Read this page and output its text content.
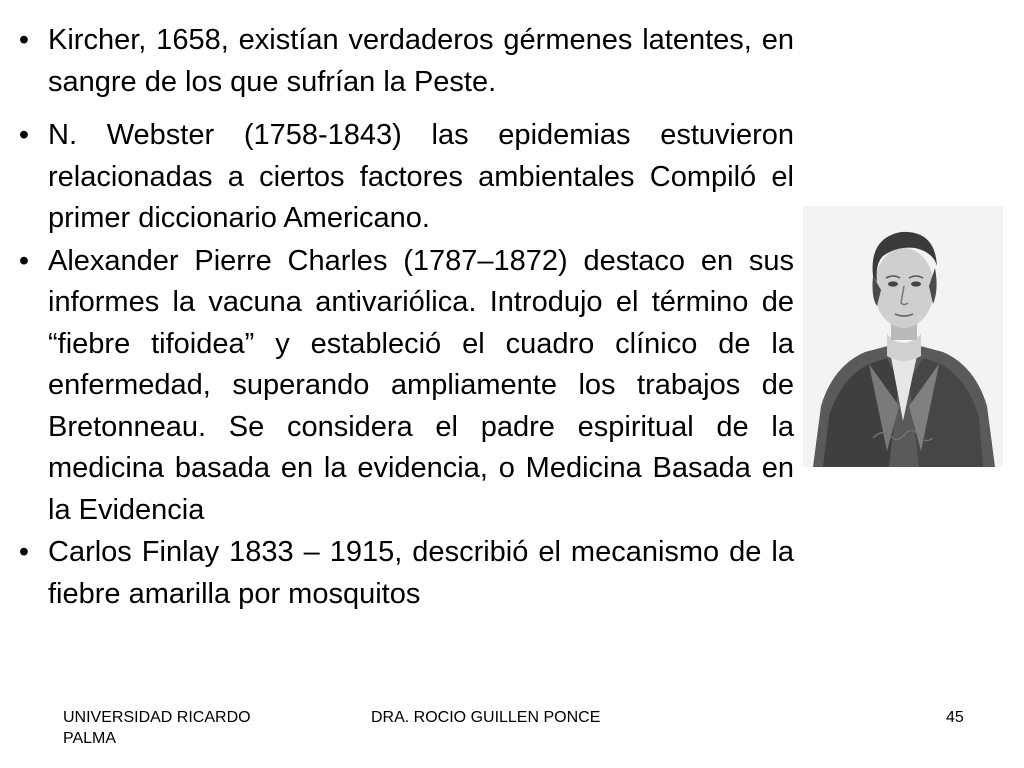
• Kircher, 1658, existían verdaderos gérmenes latentes, en sangre de los que sufrían la Peste.
• N. Webster (1758-1843) las epidemias estuvieron relacionadas a ciertos factores ambientales Compiló el primer diccionario Americano.
• Alexander Pierre Charles (1787–1872) destaco en sus informes la vacuna antivariólica. Introdujo el término de “fiebre tifoidea” y estableció el cuadro clínico de la enfermedad, superando ampliamente los trabajos de Bretonneau. Se considera el padre espiritual de la medicina basada en la evidencia, o Medicina Basada en la Evidencia
• Carlos Finlay 1833 – 1915, describió el mecanismo de la fiebre amarilla por mosquitos
UNIVERSIDAD RICARDO PALMA
DRA. ROCIO GUILLEN PONCE	45
